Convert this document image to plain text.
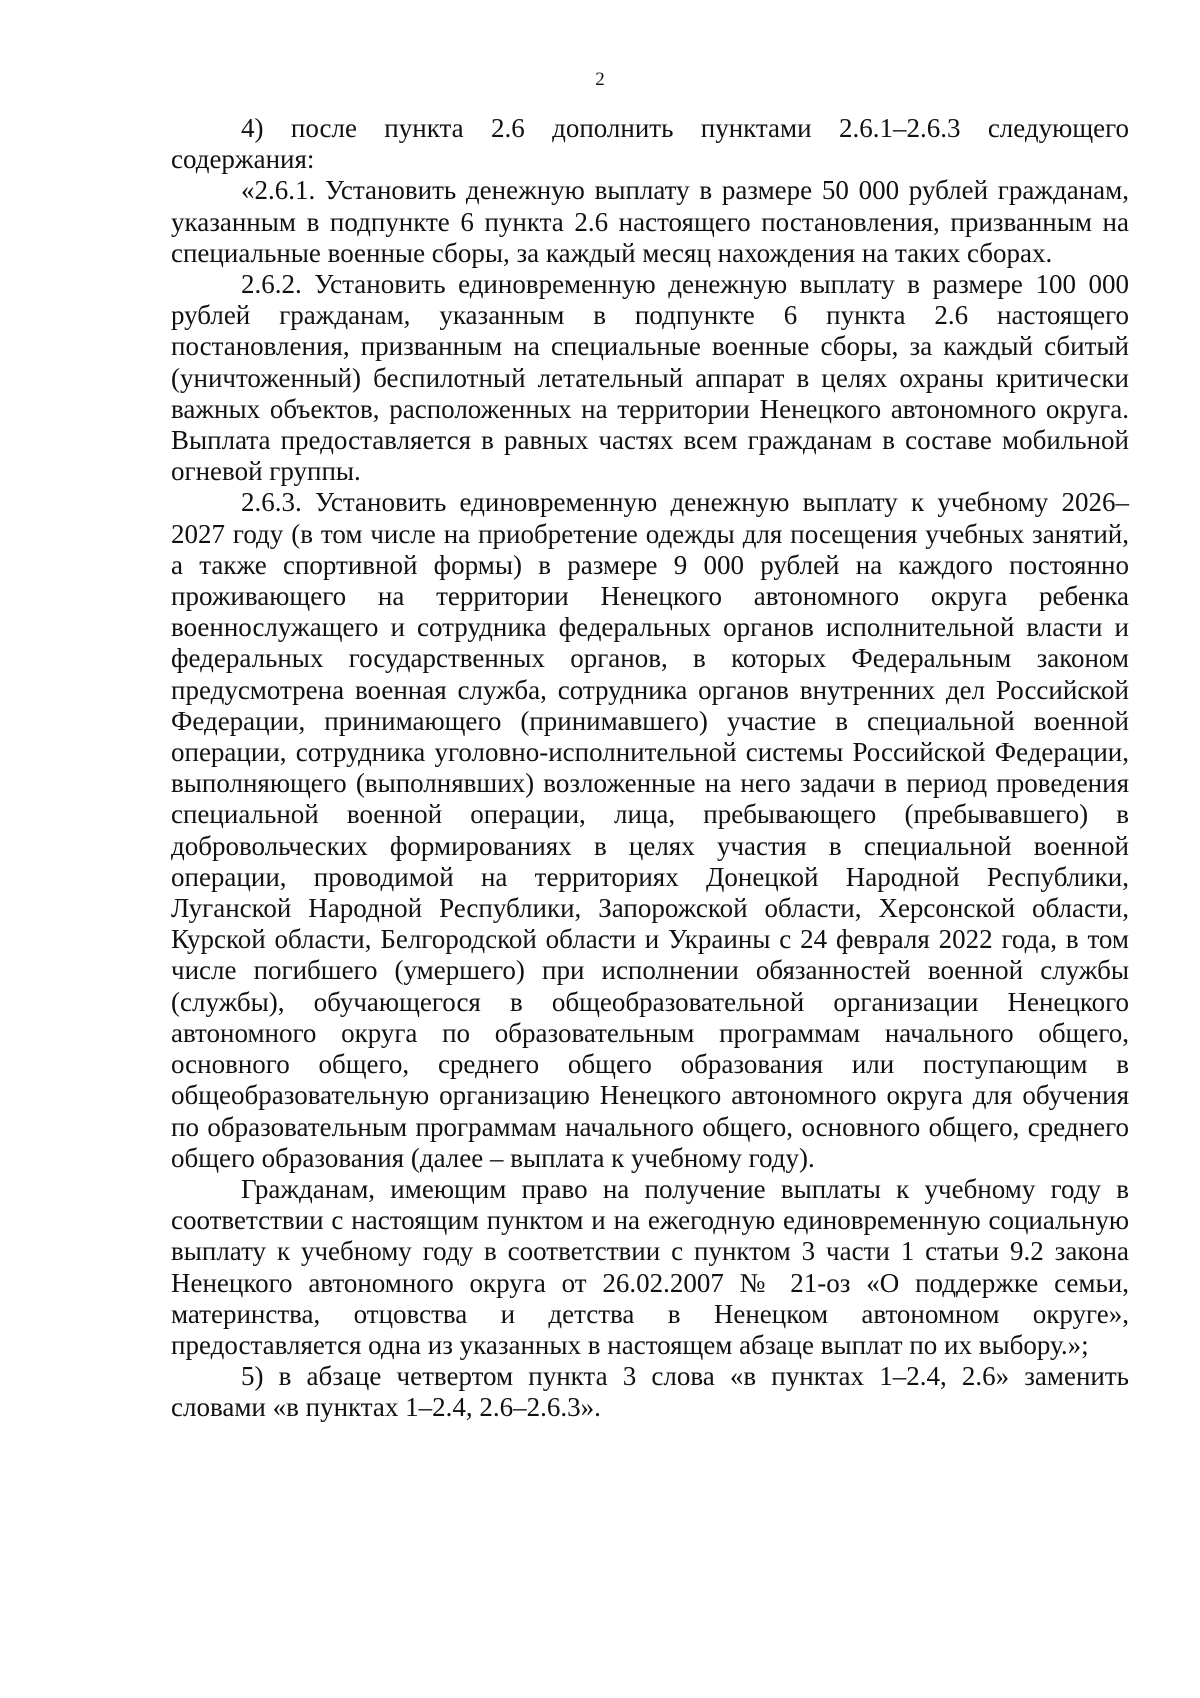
2

4) после пункта 2.6 дополнить пунктами 2.6.1–2.6.3 следующего содержания:

«2.6.1. Установить денежную выплату в размере 50 000 рублей гражданам, указанным в подпункте 6 пункта 2.6 настоящего постановления, призванным на специальные военные сборы, за каждый месяц нахождения на таких сборах.

2.6.2. Установить единовременную денежную выплату в размере 100 000 рублей гражданам, указанным в подпункте 6 пункта 2.6 настоящего постановления, призванным на специальные военные сборы, за каждый сбитый (уничтоженный) беспилотный летательный аппарат в целях охраны критически важных объектов, расположенных на территории Ненецкого автономного округа. Выплата предоставляется в равных частях всем гражданам в составе мобильной огневой группы.

2.6.3. Установить единовременную денежную выплату к учебному 2026–2027 году (в том числе на приобретение одежды для посещения учебных занятий, а также спортивной формы) в размере 9 000 рублей на каждого постоянно проживающего на территории Ненецкого автономного округа ребенка военнослужащего и сотрудника федеральных органов исполнительной власти и федеральных государственных органов, в которых Федеральным законом предусмотрена военная служба, сотрудника органов внутренних дел Российской Федерации, принимающего (принимавшего) участие в специальной военной операции, сотрудника уголовно-исполнительной системы Российской Федерации, выполняющего (выполнявших) возложенные на него задачи в период проведения специальной военной операции, лица, пребывающего (пребывавшего) в добровольческих формированиях в целях участия в специальной военной операции, проводимой на территориях Донецкой Народной Республики, Луганской Народной Республики, Запорожской области, Херсонской области, Курской области, Белгородской области и Украины с 24 февраля 2022 года, в том числе погибшего (умершего) при исполнении обязанностей военной службы (службы), обучающегося в общеобразовательной организации Ненецкого автономного округа по образовательным программам начального общего, основного общего, среднего общего образования или поступающим в общеобразовательную организацию Ненецкого автономного округа для обучения по образовательным программам начального общего, основного общего, среднего общего образования (далее – выплата к учебному году).

Гражданам, имеющим право на получение выплаты к учебному году в соответствии с настоящим пунктом и на ежегодную единовременную социальную выплату к учебному году в соответствии с пунктом 3 части 1 статьи 9.2 закона Ненецкого автономного округа от 26.02.2007 № 21-оз «О поддержке семьи, материнства, отцовства и детства в Ненецком автономном округе», предоставляется одна из указанных в настоящем абзаце выплат по их выбору.»;

5) в абзаце четвертом пункта 3 слова «в пунктах 1–2.4, 2.6» заменить словами «в пунктах 1–2.4, 2.6–2.6.3».
